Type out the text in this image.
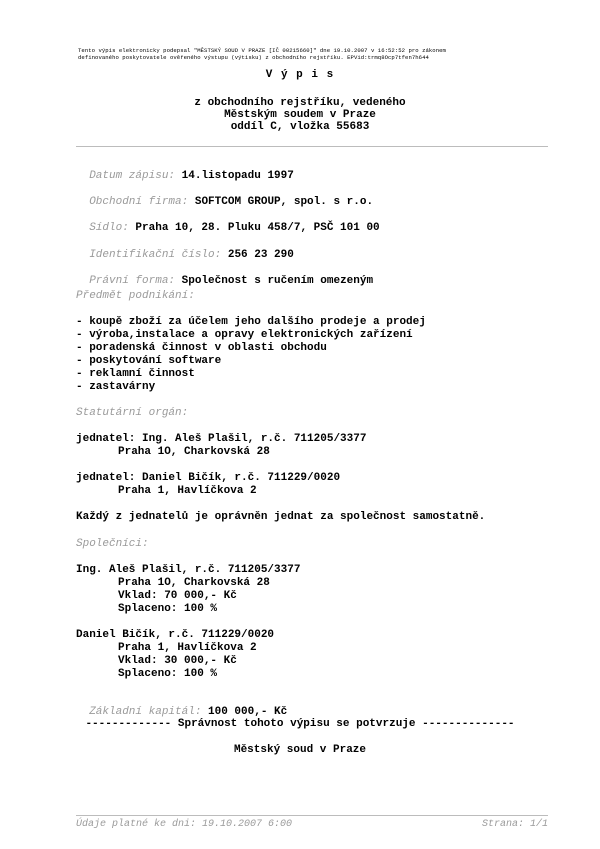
Tento výpis elektronicky podepsal "MĚSTSKÝ SOUD V PRAZE [IČ 00215660]" dne 19.10.2007 v 16:52:52 pro zákonem
definovaného poskytovatele ověřeného výstupu (výtisku) z obchodního rejstříku. EPVid:trmq8Ocp7tfen7h644
V ý p i s
z obchodního rejstříku, vedeného
Městským soudem v Praze
oddíl C, vložka 55683

Datum zápisu: 14.listopadu 1997

Obchodní firma: SOFTCOM GROUP, spol. s r.o.

Sídlo: Praha 10, 28. Pluku 458/7, PSČ 101 00

Identifikační číslo: 256 23 290

Právní forma: Společnost s ručením omezeným

Předmět podnikání:
- koupě zboží za účelem jeho dalšího prodeje a prodej
- výroba,instalace a opravy elektronických zařízení
- poradenská činnost v oblasti obchodu
- poskytování software
- reklamní činnost
- zastavárny
Statutární orgán:
jednatel: Ing. Aleš Plašil, r.č. 711205/3377
Praha 1O, Charkovská 28
jednatel: Daniel Bičík, r.č. 711229/0020
Praha 1, Havlíčkova 2
Každý z jednatelů je oprávněn jednat za společnost samostatně.
Společníci:
Ing. Aleš Plašil, r.č. 711205/3377
Praha 1O, Charkovská 28
Vklad: 70 000,- Kč
Splaceno: 100 %
Daniel Bičík, r.č. 711229/0020
Praha 1, Havlíčkova 2
Vklad: 30 000,- Kč
Splaceno: 100 %

Základní kapitál: 100 000,- Kč

------------- Správnost tohoto výpisu se potvrzuje --------------
Městský soud v Praze
Údaje platné ke dni: 19.10.2007 6:00	Strana: 1/1
